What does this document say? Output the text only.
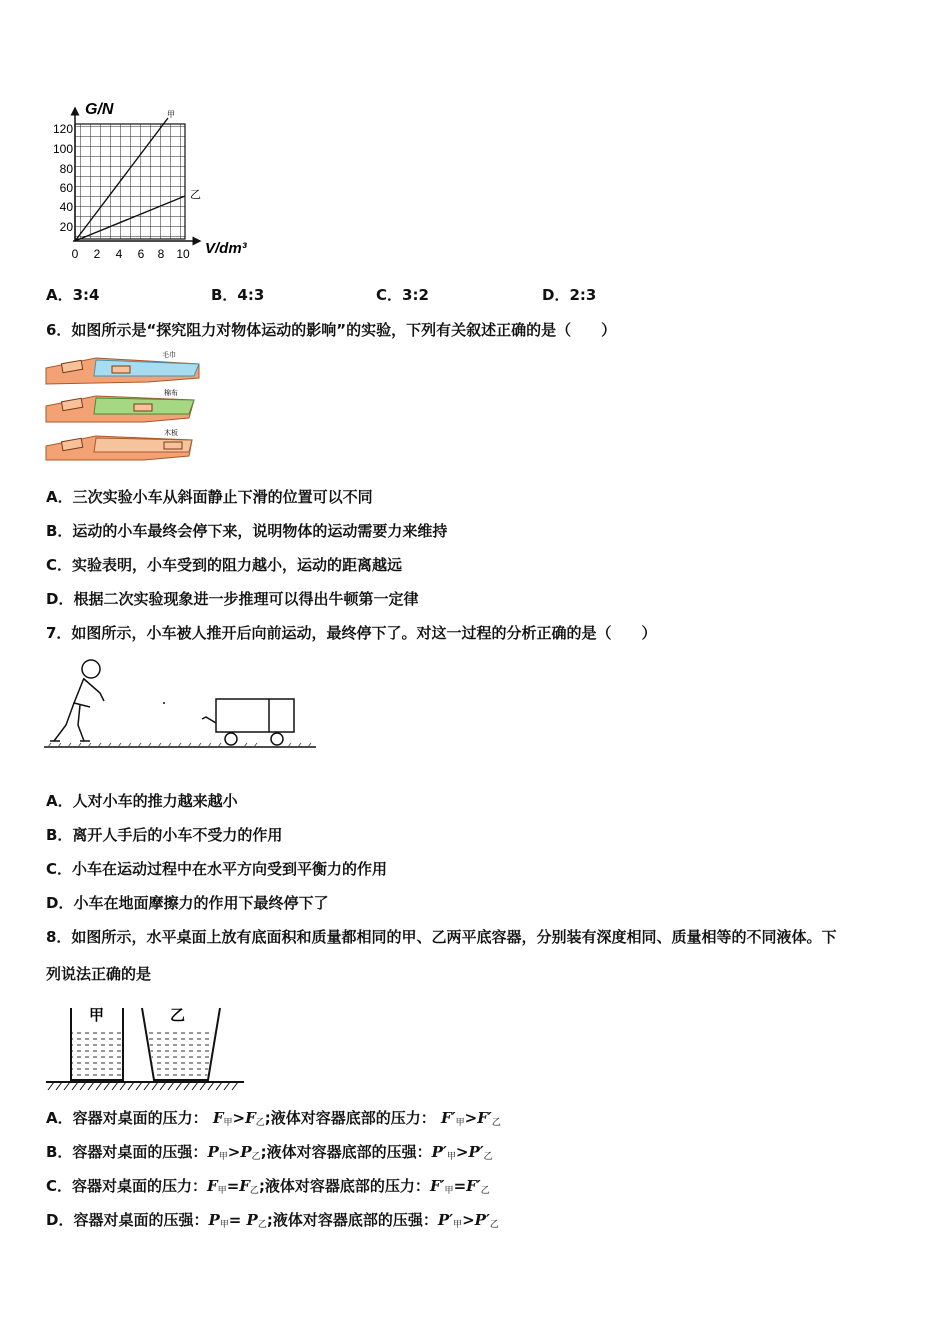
G/N	甲
乙
V/dm³
120
100
80
60
40
20
0 2 4 6 8 10
A．3:4	B．4:3	C．3:2	D．2:3
6．如图所示是“探究阻力对物体运动的影响”的实验，下列有关叙述正确的是（　　）
毛巾
棉布
木板
A．三次实验小车从斜面静止下滑的位置可以不同
B．运动的小车最终会停下来，说明物体的运动需要力来维持
C．实验表明，小车受到的阻力越小，运动的距离越远
D．根据二次实验现象进一步推理可以得出牛顿第一定律
7．如图所示，小车被人推开后向前运动，最终停下了。对这一过程的分析正确的是（　　）
A．人对小车的推力越来越小
B．离开人手后的小车不受力的作用
C．小车在运动过程中在水平方向受到平衡力的作用
D．小车在地面摩擦力的作用下最终停下了
8．如图所示，水平桌面上放有底面积和质量都相同的甲、乙两平底容器，分别装有深度相同、质量相等的不同液体。下
列说法正确的是
甲	乙
A．容器对桌面的压力： $F_甲>F_乙$;液体对容器底部的压力： $F'_甲>F'_乙$
B．容器对桌面的压强：$P_甲>P_乙$;液体对容器底部的压强：$P'_甲>P'_乙$
C．容器对桌面的压力：$F_甲=F_乙$;液体对容器底部的压力：$F'_甲=F'_乙$
D．容器对桌面的压强：$P_甲= P_乙$;液体对容器底部的压强：$P'_甲>P'_乙$
